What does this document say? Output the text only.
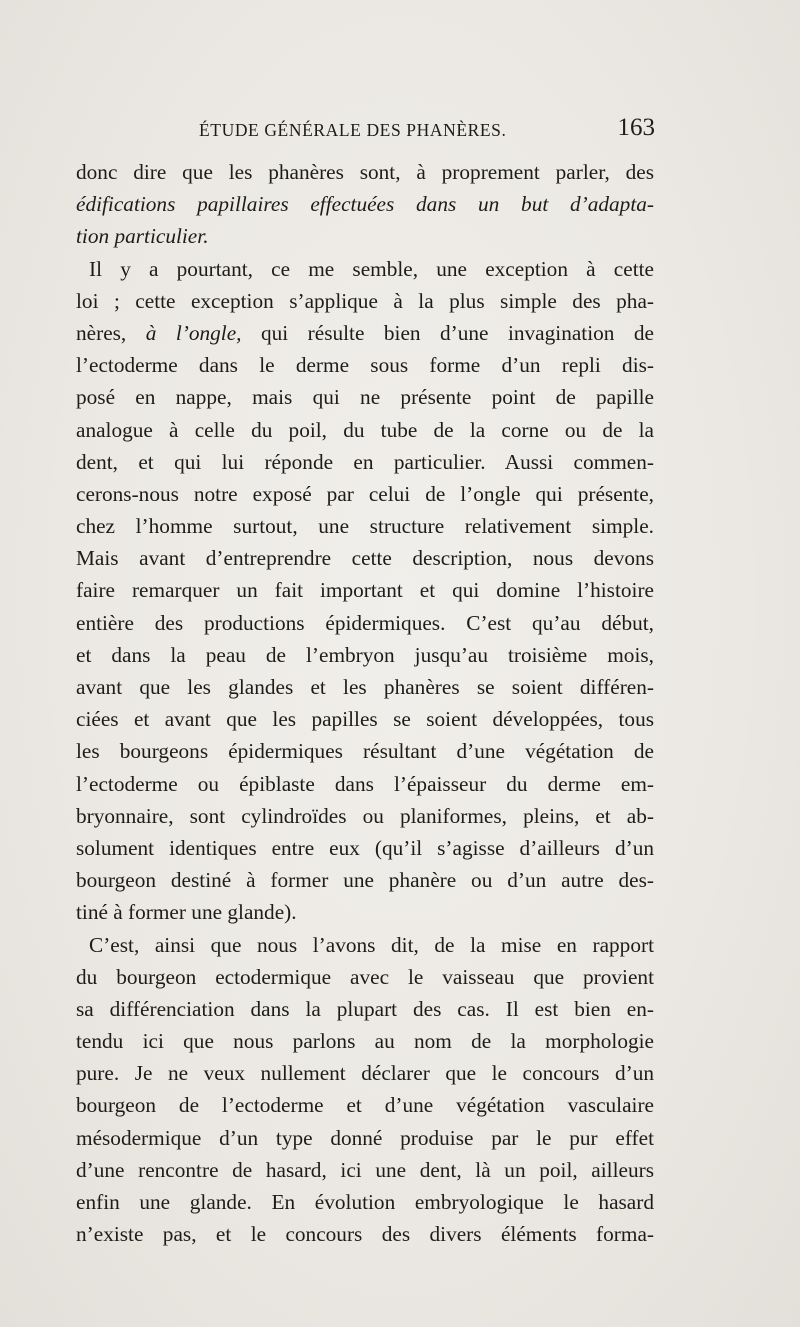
ÉTUDE GÉNÉRALE DES PHANÈRES.	163
donc dire que les phanères sont, à proprement parler, des
édifications papillaires effectuées dans un but d’adapta-
tion particulier.
Il y a pourtant, ce me semble, une exception à cette
loi ; cette exception s’applique à la plus simple des pha-
nères, à l’ongle, qui résulte bien d’une invagination de
l’ectoderme dans le derme sous forme d’un repli dis-
posé en nappe, mais qui ne présente point de papille
analogue à celle du poil, du tube de la corne ou de la
dent, et qui lui réponde en particulier. Aussi commen-
cerons-nous notre exposé par celui de l’ongle qui présente,
chez l’homme surtout, une structure relativement simple.
Mais avant d’entreprendre cette description, nous devons
faire remarquer un fait important et qui domine l’histoire
entière des productions épidermiques. C’est qu’au début,
et dans la peau de l’embryon jusqu’au troisième mois,
avant que les glandes et les phanères se soient différen-
ciées et avant que les papilles se soient développées, tous
les bourgeons épidermiques résultant d’une végétation de
l’ectoderme ou épiblaste dans l’épaisseur du derme em-
bryonnaire, sont cylindroïdes ou planiformes, pleins, et ab-
solument identiques entre eux (qu’il s’agisse d’ailleurs d’un
bourgeon destiné à former une phanère ou d’un autre des-
tiné à former une glande).
C’est, ainsi que nous l’avons dit, de la mise en rapport
du bourgeon ectodermique avec le vaisseau que provient
sa différenciation dans la plupart des cas. Il est bien en-
tendu ici que nous parlons au nom de la morphologie
pure. Je ne veux nullement déclarer que le concours d’un
bourgeon de l’ectoderme et d’une végétation vasculaire
mésodermique d’un type donné produise par le pur effet
d’une rencontre de hasard, ici une dent, là un poil, ailleurs
enfin une glande. En évolution embryologique le hasard
n’existe pas, et le concours des divers éléments forma-
